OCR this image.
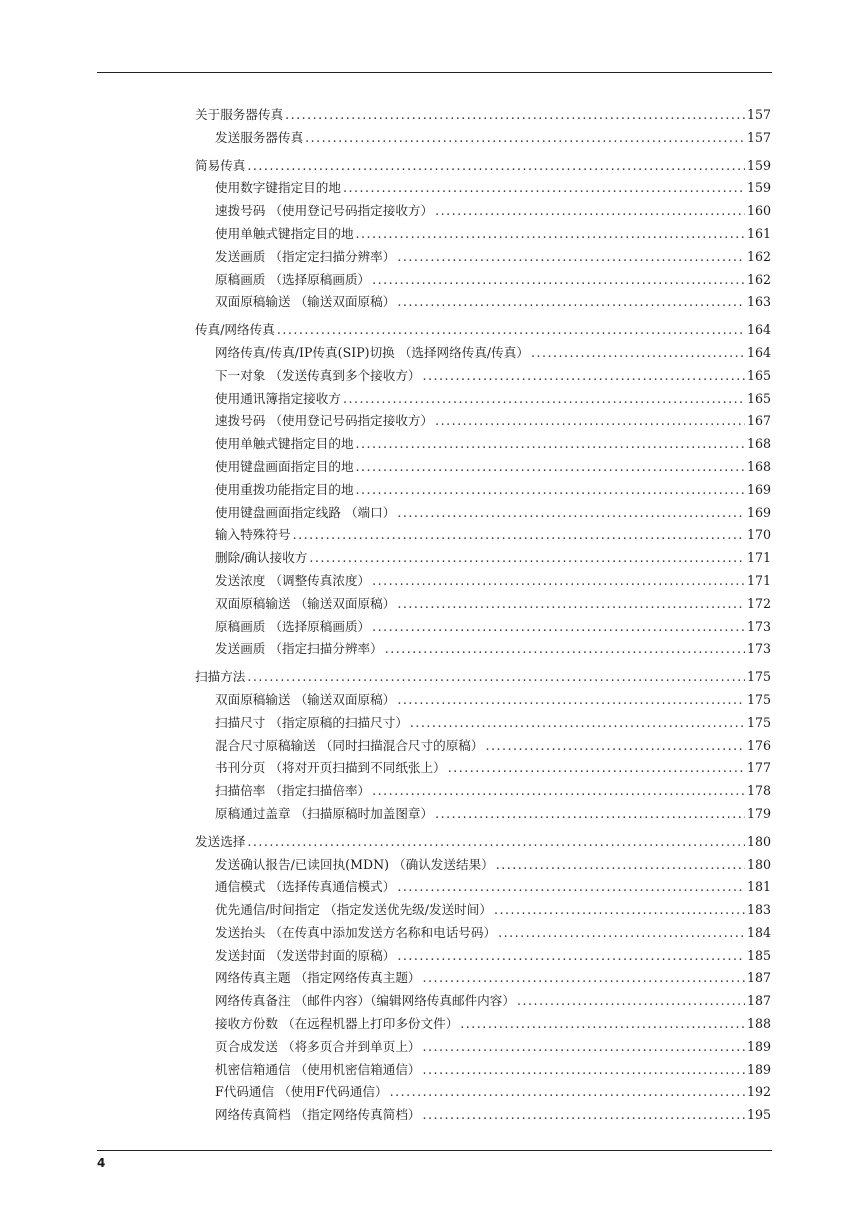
关于服务器传真 .....	157
发送服务器传真 .....	157
简易传真 .....	159
使用数字键指定目的地 .....	159
速拨号码 （使用登记号码指定接收方） .....	160
使用单触式键指定目的地 .....	161
发送画质 （指定定扫描分辨率） .....	162
原稿画质 （选择原稿画质） .....	162
双面原稿输送 （输送双面原稿） .....	163
传真/网络传真 .....	164
网络传真/传真/IP传真(SIP)切换 （选择网络传真/传真） .....	164
下一对象 （发送传真到多个接收方） .....	165
使用通讯簿指定接收方 .....	165
速拨号码 （使用登记号码指定接收方） .....	167
使用单触式键指定目的地 .....	168
使用键盘画面指定目的地 .....	168
使用重拨功能指定目的地 .....	169
使用键盘画面指定线路 （端口） .....	169
输入特殊符号 .....	170
删除/确认接收方 .....	171
发送浓度 （调整传真浓度） .....	171
双面原稿输送 （输送双面原稿） .....	172
原稿画质 （选择原稿画质） .....	173
发送画质 （指定扫描分辨率） .....	173
扫描方法 .....	175
双面原稿输送 （输送双面原稿） .....	175
扫描尺寸 （指定原稿的扫描尺寸） .....	175
混合尺寸原稿输送 （同时扫描混合尺寸的原稿） .....	176
书刊分页 （将对开页扫描到不同纸张上） .....	177
扫描倍率 （指定扫描倍率） .....	178
原稿通过盖章 （扫描原稿时加盖图章） .....	179
发送选择 .....	180
发送确认报告/已读回执(MDN) （确认发送结果） .....	180
通信模式 （选择传真通信模式） .....	181
优先通信/时间指定 （指定发送优先级/发送时间） .....	183
发送抬头 （在传真中添加发送方名称和电话号码） .....	184
发送封面 （发送带封面的原稿） .....	185
网络传真主题 （指定网络传真主题） .....	187
网络传真备注 （邮件内容）（编辑网络传真邮件内容） .....	187
接收方份数 （在远程机器上打印多份文件） .....	188
页合成发送 （将多页合并到单页上） .....	189
机密信箱通信 （使用机密信箱通信） .....	189
F代码通信 （使用F代码通信） .....	192
网络传真简档 （指定网络传真简档） .....	195
4
